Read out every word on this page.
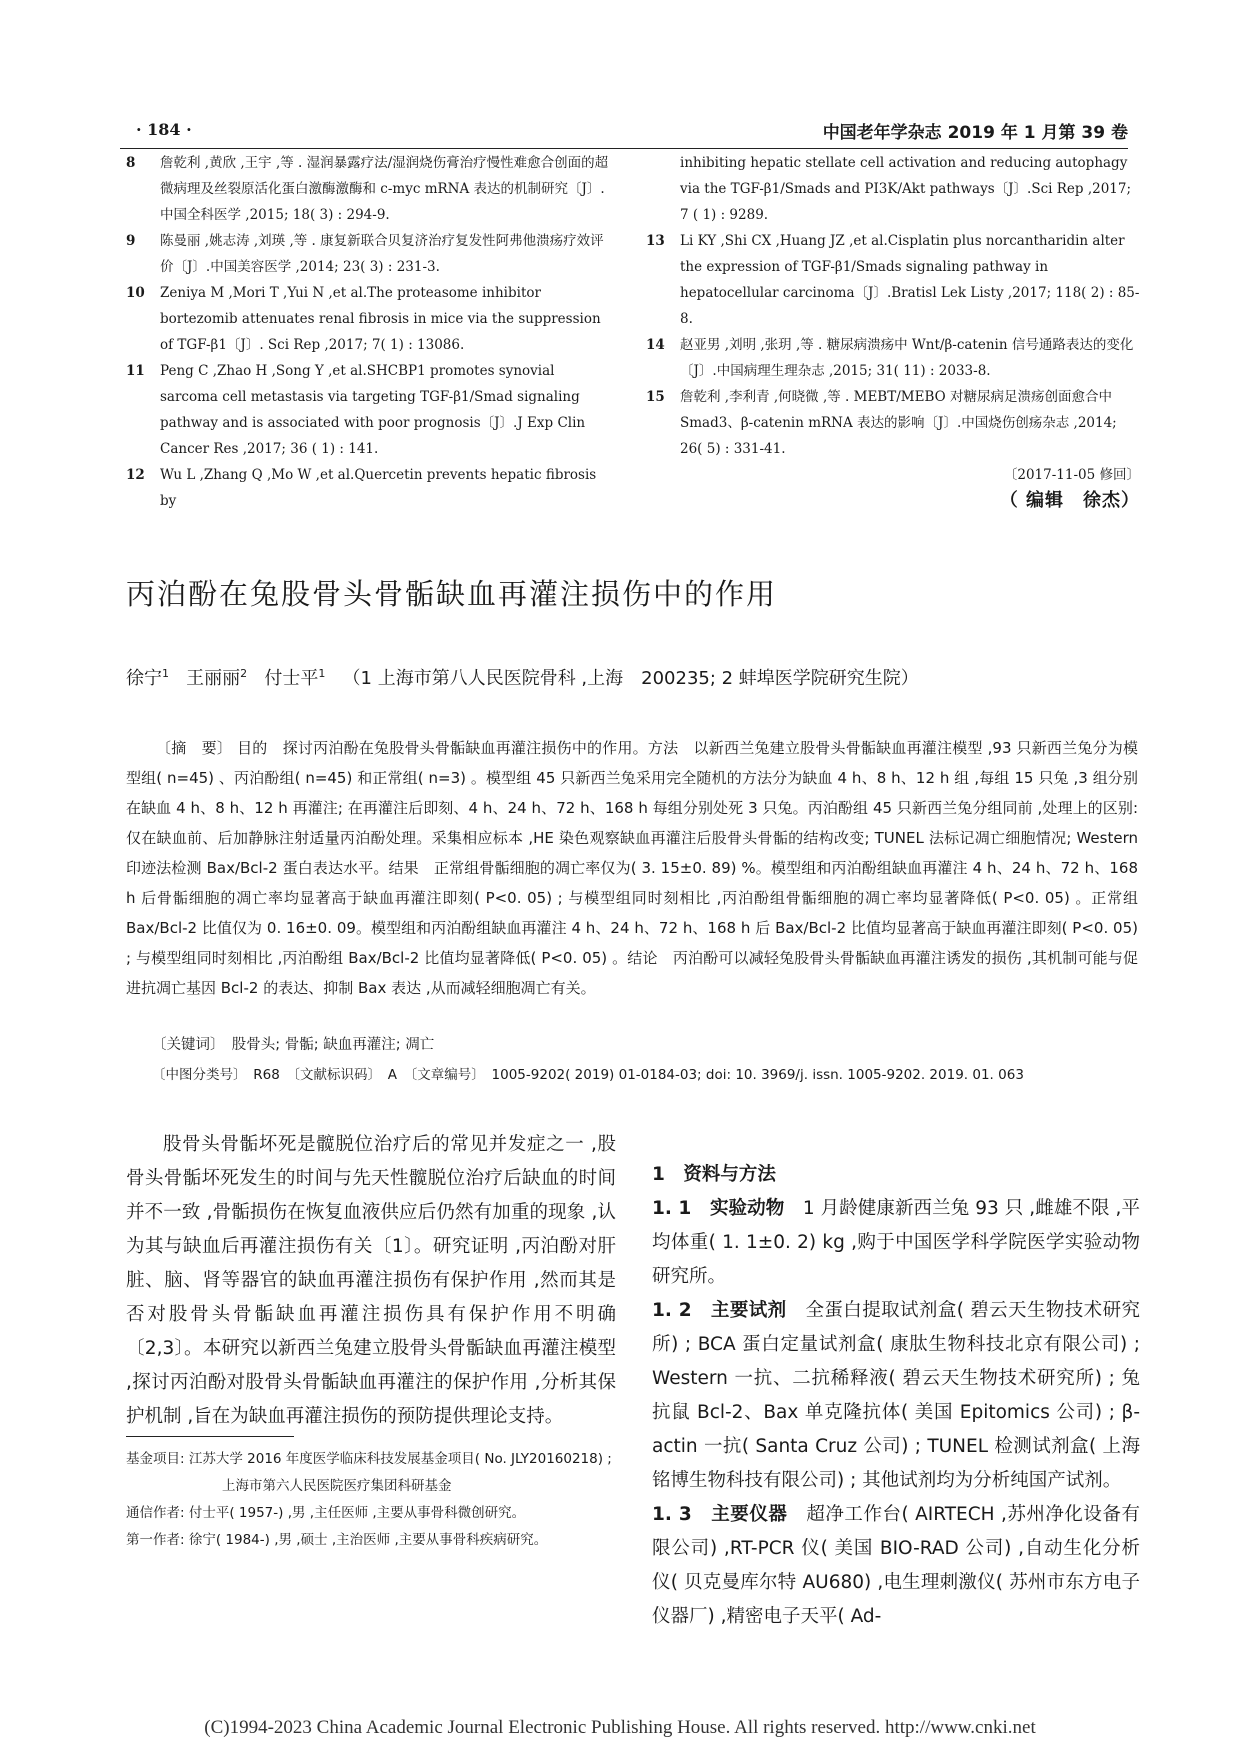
· 184 ·	中国老年学杂志 2019 年 1 月第 39 卷

8 詹乾利 ,黄欣 ,王宇 ,等 . 湿润暴露疗法/湿润烧伤膏治疗慢性难愈合创面的超微病理及丝裂原活化蛋白激酶激酶和 c-myc mRNA 表达的机制研究〔J〕.中国全科医学 ,2015; 18( 3) : 294-9.

9 陈曼丽 ,姚志涛 ,刘瑛 ,等 . 康复新联合贝复济治疗复发性阿弗他溃疡疗效评价〔J〕.中国美容医学 ,2014; 23( 3) : 231-3.

10 Zeniya M ,Mori T ,Yui N ,et al.The proteasome inhibitor bortezomib attenuates renal fibrosis in mice via the suppression of TGF-β1〔J〕. Sci Rep ,2017; 7( 1) : 13086.

11 Peng C ,Zhao H ,Song Y ,et al.SHCBP1 promotes synovial sarcoma cell metastasis via targeting TGF-β1/Smad signaling pathway and is associated with poor prognosis〔J〕.J Exp Clin Cancer Res ,2017; 36 ( 1) : 141.

12 Wu L ,Zhang Q ,Mo W ,et al.Quercetin prevents hepatic fibrosis by

inhibiting hepatic stellate cell activation and reducing autophagy via the TGF-β1/Smads and PI3K/Akt pathways〔J〕.Sci Rep ,2017; 7 ( 1) : 9289.

13 Li KY ,Shi CX ,Huang JZ ,et al.Cisplatin plus norcantharidin alter the expression of TGF-β1/Smads signaling pathway in hepatocellular carcinoma〔J〕.Bratisl Lek Listy ,2017; 118( 2) : 85-8.

14 赵亚男 ,刘明 ,张玥 ,等 . 糖尿病溃疡中 Wnt/β-catenin 信号通路表达的变化〔J〕.中国病理生理杂志 ,2015; 31( 11) : 2033-8.

15 詹乾利 ,李利青 ,何晓微 ,等 . MEBT/MEBO 对糖尿病足溃疡创面愈合中 Smad3、β-catenin mRNA 表达的影响〔J〕.中国烧伤创疡杂志 ,2014; 26( 5) : 331-41.

〔2017-11-05 修回〕
（ 编辑　徐杰）
丙泊酚在兔股骨头骨骺缺血再灌注损伤中的作用
徐宁$^1$ 王丽丽$^2$ 付士平$^1$ （1 上海市第八人民医院骨科 ,上海　200235; 2 蚌埠医学院研究生院）

〔摘　要〕 目的　探讨丙泊酚在兔股骨头骨骺缺血再灌注损伤中的作用。方法　以新西兰兔建立股骨头骨骺缺血再灌注模型 ,93 只新西兰兔分为模型组( n=45) 、丙泊酚组( n=45) 和正常组( n=3) 。模型组 45 只新西兰兔采用完全随机的方法分为缺血 4 h、8 h、12 h 组 ,每组 15 只兔 ,3 组分别在缺血 4 h、8 h、12 h 再灌注; 在再灌注后即刻、4 h、24 h、72 h、168 h 每组分别处死 3 只兔。丙泊酚组 45 只新西兰兔分组同前 ,处理上的区别: 仅在缺血前、后加静脉注射适量丙泊酚处理。采集相应标本 ,HE 染色观察缺血再灌注后股骨头骨骺的结构改变; TUNEL 法标记凋亡细胞情况; Western 印迹法检测 Bax/Bcl-2 蛋白表达水平。结果　正常组骨骺细胞的凋亡率仅为( 3. 15±0. 89) %。模型组和丙泊酚组缺血再灌注 4 h、24 h、72 h、168 h 后骨骺细胞的凋亡率均显著高于缺血再灌注即刻( P<0. 05) ; 与模型组同时刻相比 ,丙泊酚组骨骺细胞的凋亡率均显著降低( P<0. 05) 。正常组 Bax/Bcl-2 比值仅为 0. 16±0. 09。模型组和丙泊酚组缺血再灌注 4 h、24 h、72 h、168 h 后 Bax/Bcl-2 比值均显著高于缺血再灌注即刻( P<0. 05) ; 与模型组同时刻相比 ,丙泊酚组 Bax/Bcl-2 比值均显著降低( P<0. 05) 。结论　丙泊酚可以减轻兔股骨头骨骺缺血再灌注诱发的损伤 ,其机制可能与促进抗凋亡基因 Bcl-2 的表达、抑制 Bax 表达 ,从而减轻细胞凋亡有关。

〔关键词〕　股骨头; 骨骺; 缺血再灌注; 凋亡
〔中图分类号〕　R68　〔文献标识码〕　A　〔文章编号〕　1005-9202( 2019) 01-0184-03; doi: 10. 3969/j. issn. 1005-9202. 2019. 01. 063

股骨头骨骺坏死是髋脱位治疗后的常见并发症之一 ,股骨头骨骺坏死发生的时间与先天性髋脱位治疗后缺血的时间并不一致 ,骨骺损伤在恢复血液供应后仍然有加重的现象 ,认为其与缺血后再灌注损伤有关〔1〕。研究证明 ,丙泊酚对肝脏、脑、肾等器官的缺血再灌注损伤有保护作用 ,然而其是否对股骨头骨骺缺血再灌注损伤具有保护作用不明确〔2,3〕。本研究以新西兰兔建立股骨头骨骺缺血再灌注模型 ,探讨丙泊酚对股骨头骨骺缺血再灌注的保护作用 ,分析其保护机制 ,旨在为缺血再灌注损伤的预防提供理论支持。

基金项目: 江苏大学 2016 年度医学临床科技发展基金项目( No. JLY20160218) ; 上海市第六人民医院医疗集团科研基金

通信作者: 付士平( 1957-) ,男 ,主任医师 ,主要从事骨科微创研究。

第一作者: 徐宁( 1984-) ,男 ,硕士 ,主治医师 ,主要从事骨科疾病研究。

1　资料与方法

1. 1　实验动物　 1 月龄健康新西兰兔 93 只 ,雌雄不限 ,平均体重( 1. 1±0. 2) kg ,购于中国医学科学院医学实验动物研究所。

1. 2　主要试剂　 全蛋白提取试剂盒( 碧云天生物技术研究所) ; BCA 蛋白定量试剂盒( 康肽生物科技北京有限公司) ; Western 一抗、二抗稀释液( 碧云天生物技术研究所) ; 兔抗鼠 Bcl-2、Bax 单克隆抗体( 美国 Epitomics 公司) ; β-actin 一抗( Santa Cruz 公司) ; TUNEL 检测试剂盒( 上海铭博生物科技有限公司) ; 其他试剂均为分析纯国产试剂。

1. 3　主要仪器　 超净工作台( AIRTECH ,苏州净化设备有限公司) ,RT-PCR 仪( 美国 BIO-RAD 公司) ,自动生化分析仪( 贝克曼库尔特 AU680) ,电生理刺激仪( 苏州市东方电子仪器厂) ,精密电子天平( Ad-

(C)1994-2023 China Academic Journal Electronic Publishing House. All rights reserved. http://www.cnki.net
